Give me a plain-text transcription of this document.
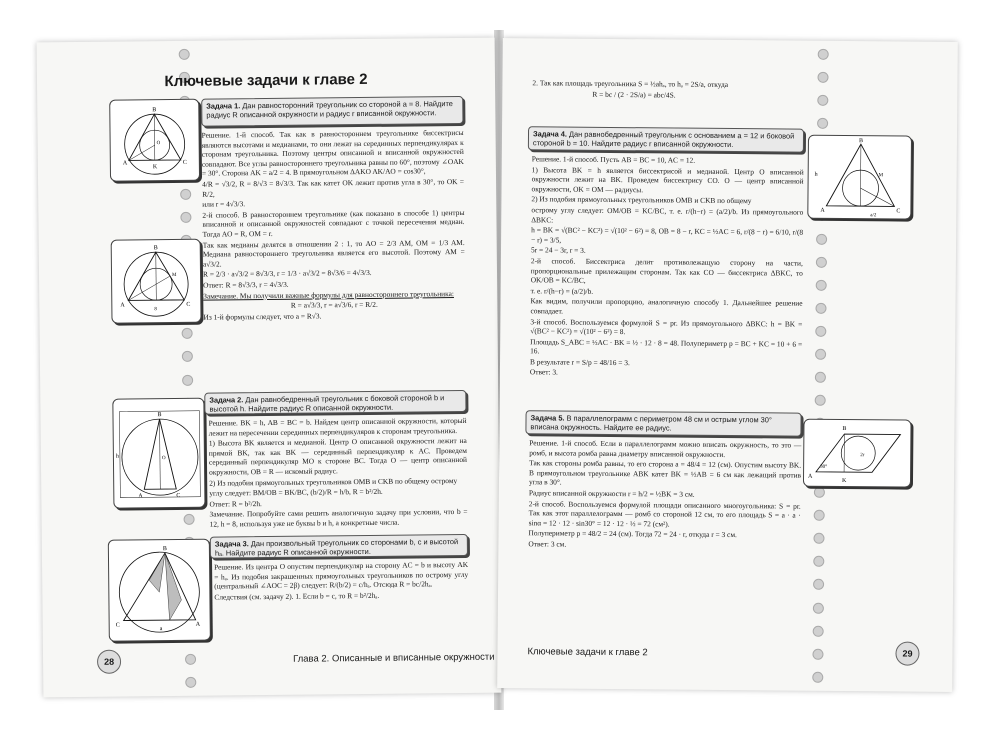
Ключевые задачи к главе 2
B
A	C
K
O
B
A	C
M
8
B
A	C
h	O
B
C	A
a
Задача 1. Дан равносторонний треугольник со стороной a = 8. Найдите радиус R описанной окружности и радиус r вписанной окружности.

Решение. 1-й способ. Так как в равностороннем треугольнике биссектрисы являются высотами и медианами, то они лежат на серединных перпендикулярах к сторонам треугольника. Поэтому центры описанной и вписанной окружностей совпадают. Все углы равностороннего треугольника равны по 60°, поэтому ∠OAK = 30°. Сторона AK = a/2 = 4. В прямоугольном ΔAKO AK/AO = cos30°,

4/R = √3/2, R = 8/√3 = 8√3/3. Так как катет OK лежит против угла в 30°, то OK = R/2,

или r = 4√3/3.

2-й способ. В равностороннем треугольнике (как показано в способе 1) центры вписанной и описанной окружностей совпадают с точкой пересечения медиан. Тогда AO = R, OM = r.

Так как медианы делятся в отношении 2 : 1, то AO = 2/3 AM, OM = 1/3 AM. Медиана равностороннего треугольника является его высотой. Поэтому AM = a√3/2.

R = 2/3 · a√3/2 = 8√3/3, r = 1/3 · a√3/2 = 8√3/6 = 4√3/3.

Ответ: R = 8√3/3, r = 4√3/3.

Замечание. Мы получили важные формулы для равностороннего треугольника:

R = a√3/3, r = a√3/6, r = R/2.

Из 1-й формулы следует, что a = R√3.

Задача 2. Дан равнобедренный треугольник с боковой стороной b и высотой h. Найдите радиус R описанной окружности.

Решение. BK = h, AB = BC = b. Найдем центр описанной окружности, который лежит на пересечении серединных перпендикуляров к сторонам треугольника.

1) Высота BK является и медианой. Центр O описанной окружности лежит на прямой BK, так как BK — серединный перпендикуляр к AC. Проведем серединный перпендикуляр MO к стороне BC. Тогда O — центр описанной окружности, OB = R — искомый радиус.

2) Из подобия прямоугольных треугольников OMB и CKB по общему острому

углу следует: BM/OB = BK/BC, (b/2)/R = h/b, R = b²/2h.

Ответ: R = b²/2h.

Замечание. Попробуйте сами решить аналогичную задачу при условии, что b = 12, h = 8, используя уже не буквы b и h, а конкретные числа.

Задача 3. Дан произвольный треугольник со сторонами b, c и высотой hₐ. Найдите радиус R описанной окружности.

Решение. Из центра O опустим перпендикуляр на сторону AC = b и высоту AK = hₐ. Из подобия закрашенных прямоугольных треугольников по острому углу (центральный ∠AOC = 2β) следует: R/(b/2) = c/hₐ. Отсюда R = bc/2hₐ.

Следствия (см. задачу 2). 1. Если b = c, то R = b²/2hₐ.

28	Глава 2. Описанные и вписанные окружности

2. Так как площадь треугольника S = ½ahₐ, то hₐ = 2S/a, откуда

R = bc / (2 · 2S/a) = abc/4S.

Задача 4. Дан равнобедренный треугольник с основанием a = 12 и боковой стороной b = 10. Найдите радиус r вписанной окружности.	B
A	C
h	M
a/2

Решение. 1-й способ. Пусть AB = BC = 10, AC = 12.

1) Высота BK = h является биссектрисой и медианой. Центр O вписанной окружности лежит на BK. Проведем биссектрису CO. O — центр вписанной окружности, OK = OM — радиусы.

2) Из подобия прямоугольных треугольников OMB и CKB по общему

острому углу следует: OM/OB = KC/BC, т. е. r/(h−r) = (a/2)/b. Из прямоугольного ΔBKC:

h = BK = √(BC² − KC²) = √(10² − 6²) = 8, OB = 8 − r, KC = ½AC = 6, r/(8 − r) = 6/10, r/(8 − r) = 3/5,

5r = 24 − 3r, r = 3.

2-й способ. Биссектриса делит противолежащую сторону на части, пропорциональные прилежащим сторонам. Так как CO — биссектриса ΔBKC, то OK/OB = KC/BC,

т. е. r/(h−r) = (a/2)/b.

Как видим, получили пропорцию, аналогичную способу 1. Дальнейшее решение совпадает.

3-й способ. Воспользуемся формулой S = pr. Из прямоугольного ΔBKC: h = BK = √(BC² − KC²) = √(10² − 6²) = 8.

Площадь S_ABC = ½AC · BK = ½ · 12 · 8 = 48. Полупериметр p = BC + KC = 10 + 6 = 16.

В результате r = S/p = 48/16 = 3.

Ответ: 3.

Задача 5. В параллелограмм с периметром 48 см и острым углом 30° вписана окружность. Найдите ее радиус.
A
B
K
30°
2r

Решение. 1-й способ. Если в параллелограмм можно вписать окружность, то это — ромб, и высота ромба равна диаметру вписанной окружности.

Так как стороны ромба равны, то его сторона a = 48/4 = 12 (см). Опустим высоту BK. В прямоугольном треугольнике ABK катет BK = ½AB = 6 см как лежащий против угла в 30°.

Радиус вписанной окружности r = h/2 = ½BK = 3 см.

2-й способ. Воспользуемся формулой площади описанного многоугольника: S = pr. Так как этот параллелограмм — ромб со стороной 12 см, то его площадь S = a · a · sinα = 12 · 12 · sin30° = 12 · 12 · ½ = 72 (см²).

Полупериметр p = 48/2 = 24 (см). Тогда 72 = 24 · r, откуда r = 3 см.

Ответ: 3 см.

Ключевые задачи к главе 2	29
